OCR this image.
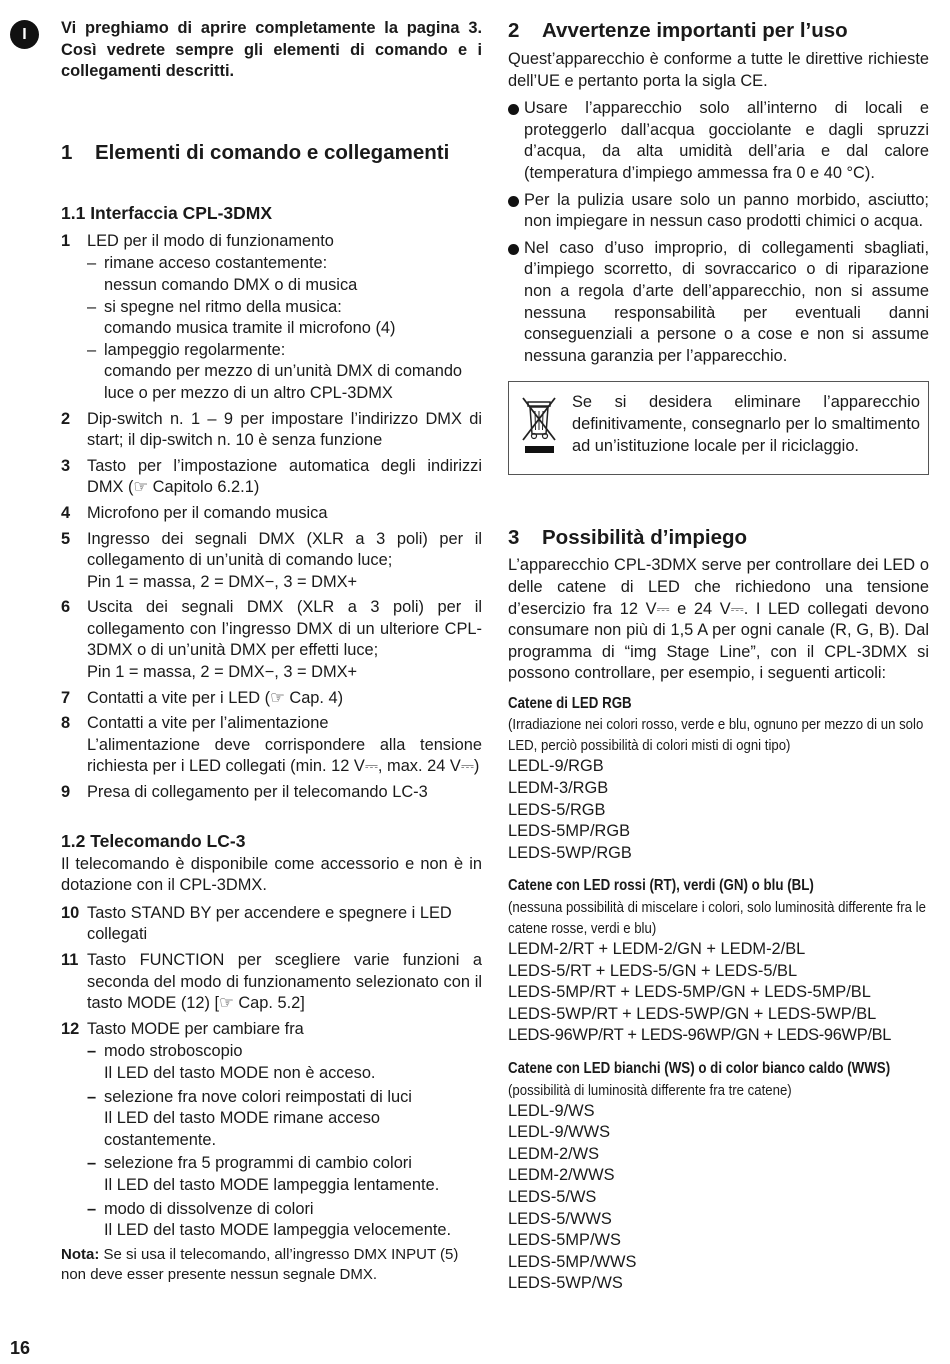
I
16

Vi preghiamo di aprire completamente la pagina 3. Così vedrete sempre gli elementi di comando e i collegamenti descritti.

1	Elementi di comando e collegamenti
1.1 Interfaccia CPL-3DMX
1	LED per il modo di funzionamento
– rimane acceso costantemente:
nessun comando DMX o di musica
– si spegne nel ritmo della musica:
comando musica tramite il microfono (4)
– lampeggio regolarmente:
comando per mezzo di un’unità DMX di comando luce o per mezzo di un altro CPL-3DMX
2	Dip-switch n. 1 – 9 per impostare l’indirizzo DMX di start; il dip-switch n. 10 è senza funzione
3	Tasto per l’impostazione automatica degli indirizzi DMX (☞ Capitolo 6.2.1)
4	Microfono per il comando musica
5	Ingresso dei segnali DMX (XLR a 3 poli) per il collegamento di un’unità di comando luce;
Pin 1 = massa, 2 = DMX−, 3 = DMX+
6	Uscita dei segnali DMX (XLR a 3 poli) per il collegamento con l’ingresso DMX di un ulteriore CPL-3DMX o di un’unità DMX per effetti luce;
Pin 1 = massa, 2 = DMX−, 3 = DMX+
7	Contatti a vite per i LED (☞ Cap. 4)
8	Contatti a vite per l’alimentazione
L’alimentazione deve corrispondere alla tensione richiesta per i LED collegati (min. 12 V⎓, max. 24 V⎓)
9	Presa di collegamento per il telecomando LC-3
1.2 Telecomando LC-3

Il telecomando è disponibile come accessorio e non è in dotazione con il CPL-3DMX.

10 Tasto STAND BY per accendere e spegnere i LED collegati
11 Tasto FUNCTION per scegliere varie funzioni a seconda del modo di funzionamento selezionato con il tasto MODE (12) [☞ Cap. 5.2]
12 Tasto MODE per cambiare fra
– modo stroboscopio
Il LED del tasto MODE non è acceso.
– selezione fra nove colori reimpostati di luci
Il LED del tasto MODE rimane acceso costantemente.
– selezione fra 5 programmi di cambio colori
Il LED del tasto MODE lampeggia lentamente.
– modo di dissolvenze di colori
Il LED del tasto MODE lampeggia velocemente.

Nota: Se si usa il telecomando, all’ingresso DMX INPUT (5) non deve esser presente nessun segnale DMX.

2	Avvertenze importanti per l’uso

Quest’apparecchio è conforme a tutte le direttive richieste dell’UE e pertanto porta la sigla CE.

Usare l’apparecchio solo all’interno di locali e proteggerlo dall’acqua gocciolante e dagli spruzzi d’acqua, da alta umidità dell’aria e dal calore (temperatura d’impiego ammessa fra 0 e 40 °C).
Per la pulizia usare solo un panno morbido, asciutto; non impiegare in nessun caso prodotti chimici o acqua.
Nel caso d’uso improprio, di collegamenti sbagliati, d’impiego scorretto, di sovraccarico o di riparazione non a regola d’arte dell’apparecchio, non si assume nessuna responsabilità per eventuali danni conseguenziali a persone o a cose e non si assume nessuna garanzia per l’apparecchio.

Se si desidera eliminare l’apparecchio definitivamente, consegnarlo per lo smaltimento ad un’istituzione locale per il riciclaggio.

3	Possibilità d’impiego

L’apparecchio CPL-3DMX serve per controllare dei LED o delle catene di LED che richiedono una tensione d’esercizio fra 12 V⎓ e 24 V⎓. I LED collegati devono consumare non più di 1,5 A per ogni canale (R, G, B). Dal programma di “img Stage Line”, con il CPL-3DMX si possono controllare, per esempio, i seguenti articoli:

Catene di LED RGB
(Irradiazione nei colori rosso, verde e blu, ognuno per mezzo di un solo LED, perciò possibilità di colori misti di ogni tipo)
LEDL-9/RGB
LEDM-3/RGB
LEDS-5/RGB
LEDS-5MP/RGB
LEDS-5WP/RGB
Catene con LED rossi (RT), verdi (GN) o blu (BL)
(nessuna possibilità di miscelare i colori, solo luminosità differente fra le catene rosse, verdi e blu)
LEDM-2/RT + LEDM-2/GN + LEDM-2/BL
LEDS-5/RT + LEDS-5/GN + LEDS-5/BL
LEDS-5MP/RT + LEDS-5MP/GN + LEDS-5MP/BL
LEDS-5WP/RT + LEDS-5WP/GN + LEDS-5WP/BL
LEDS-96WP/RT + LEDS-96WP/GN + LEDS-96WP/BL
Catene con LED bianchi (WS) o di color bianco caldo (WWS)
(possibilità di luminosità differente fra tre catene)
LEDL-9/WS
LEDL-9/WWS
LEDM-2/WS
LEDM-2/WWS
LEDS-5/WS
LEDS-5/WWS
LEDS-5MP/WS
LEDS-5MP/WWS
LEDS-5WP/WS
